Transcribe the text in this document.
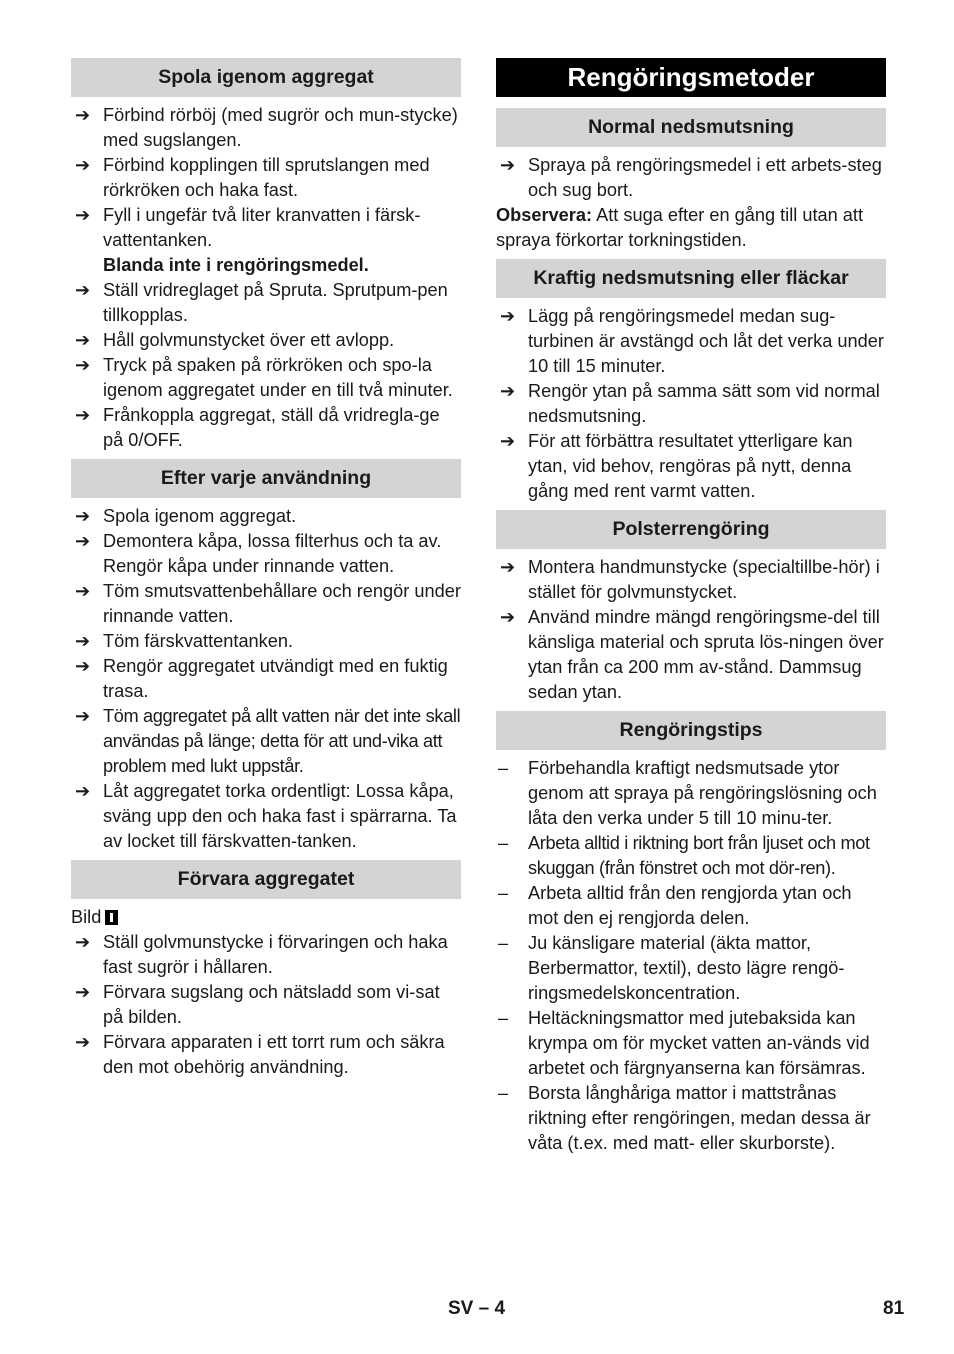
Spola igenom aggregat
➔ Förbind rörböj (med sugrör och mun-stycke) med sugslangen.
➔ Förbind kopplingen till sprutslangen med rörkröken och haka fast.
➔ Fyll i ungefär två liter kranvatten i färsk-vattentanken.
Blanda inte i rengöringsmedel.
➔ Ställ vridreglaget på Spruta. Sprutpum-pen tillkopplas.
➔ Håll golvmunstycket över ett avlopp.
➔ Tryck på spaken på rörkröken och spo-la igenom aggregatet under en till två minuter.
➔ Frånkoppla aggregat, ställ då vridregla-ge på 0/OFF.
Efter varje användning
➔ Spola igenom aggregat.
➔ Demontera kåpa, lossa filterhus och ta av. Rengör kåpa under rinnande vatten.
➔ Töm smutsvattenbehållare och rengör under rinnande vatten.
➔ Töm färskvattentanken.
➔ Rengör aggregatet utvändigt med en fuktig trasa.
➔ Töm aggregatet på allt vatten när det inte skall användas på länge; detta för att und-vika att problem med lukt uppstår.
➔ Låt aggregatet torka ordentligt: Lossa kåpa, sväng upp den och haka fast i spärrarna. Ta av locket till färskvatten-tanken.
Förvara aggregatet
Bild
➔ Ställ golvmunstycke i förvaringen och haka fast sugrör i hållaren.
➔ Förvara sugslang och nätsladd som vi-sat på bilden.
➔ Förvara apparaten i ett torrt rum och säkra den mot obehörig användning.
Rengöringsmetoder
Normal nedsmutsning
➔ Spraya på rengöringsmedel i ett arbets-steg och sug bort.
Observera: Att suga efter en gång till utan att spraya förkortar torkningstiden.
Kraftig nedsmutsning eller fläckar
➔ Lägg på rengöringsmedel medan sug-turbinen är avstängd och låt det verka under 10 till 15 minuter.
➔ Rengör ytan på samma sätt som vid normal nedsmutsning.
➔ För att förbättra resultatet ytterligare kan ytan, vid behov, rengöras på nytt, denna gång med rent varmt vatten.
Polsterrengöring
➔ Montera handmunstycke (specialtillbe-hör) i stället för golvmunstycket.
➔ Använd mindre mängd rengöringsme-del till känsliga material och spruta lös-ningen över ytan från ca 200 mm av-stånd. Dammsug sedan ytan.
Rengöringstips
–	Förbehandla kraftigt nedsmutsade ytor genom att spraya på rengöringslösning och låta den verka under 5 till 10 minu-ter.
–	Arbeta alltid i riktning bort från ljuset och mot skuggan (från fönstret och mot dör-ren).
–	Arbeta alltid från den rengjorda ytan och mot den ej rengjorda delen.
–	Ju känsligare material (äkta mattor, Berbermattor, textil), desto lägre rengö-ringsmedelskoncentration.
–	Heltäckningsmattor med jutebaksida kan krympa om för mycket vatten an-vänds vid arbetet och färgnyanserna kan försämras.
–	Borsta långhåriga mattor i mattstrånas riktning efter rengöringen, medan dessa är våta (t.ex. med matt- eller skurborste).
SV – 4	81
